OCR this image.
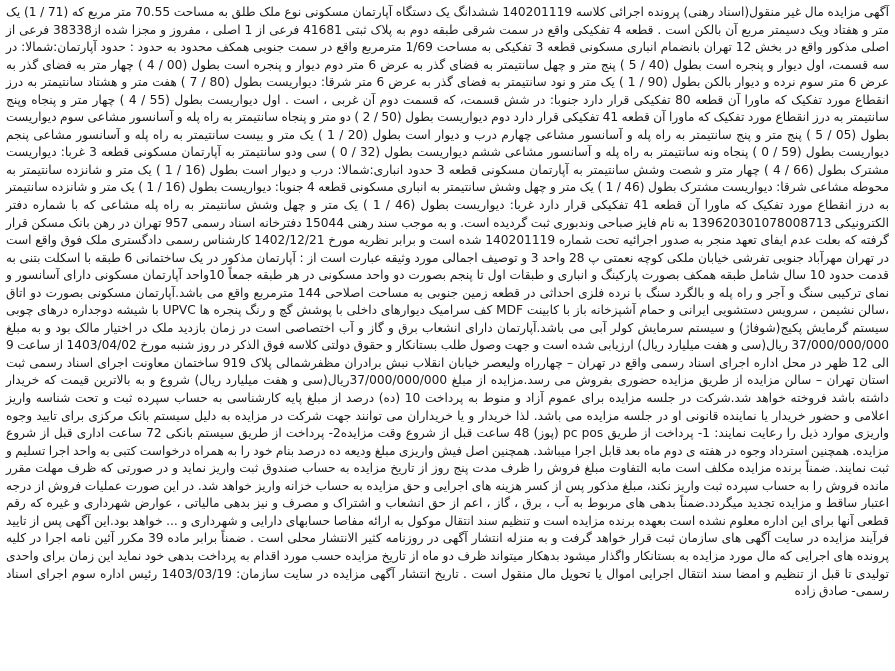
آگهی مزایده مال غیر منقول(اسناد رهنی) پرونده اجرائی کلاسه 140201119 ششدانگ یک دستگاه آپارتمان مسکونی نوع ملک طلق به مساحت 70.55 متر مربع که (71 / 1) یک متر و هفتاد ویک دسیمتر مربع آن بالکن است . قطعه 4 تفکیکی واقع در سمت شرقی طبقه دوم به پلاک ثبتی 41681 فرعی از 1 اصلی ، مفروز و مجزا شده از38338 فرعی از اصلی مذکور واقع در بخش 12 تهران بانضمام انباری مسکونی قطعه 3 تفکیکی به مساحت 1/69 مترمربع واقع در سمت جنوبی همکف محدود به حدود : حدود آپارتمان:شمالا: در سه قسمت، اول دیوار و پنجره است بطول (40 / 5 ) پنج متر و چهل سانتیمتر به فضای گذر به عرض 6 متر دوم دیوار و پنجره است بطول (00 / 4 ) چهار متر به فضای گذر به عرض 6 متر سوم نرده و دیوار بالکن بطول (90 / 1 ) یک متر و نود سانتیمتر به فضای گذر به عرض 6 متر شرقا: دیواریست بطول (80 / 7 ) هفت متر و هشتاد سانتیمتر به درز انقطاع مورد تفکیک که ماورا آن قطعه 80 تفکیکی قرار دارد جنوبا: در شش قسمت، که قسمت دوم آن غربی ، است . اول دیواریست بطول (55 / 4 ) چهار متر و پنجاه وپنج سانتیمتر به درز انقطاع مورد تفکیک که ماورا آن قطعه 41 تفکیکی قرار دارد دوم دیواریست بطول (50 / 2 ) دو متر و پنجاه سانتیمتر به راه پله و آسانسور مشاعی سوم دیواریست بطول (05 / 5 ) پنج متر و پنج سانتیمتر به راه پله و آسانسور مشاعی چهارم درب و دیوار است بطول (20 / 1 ) یک متر و بیست سانتیمتر به راه پله و آسانسور مشاعی پنجم دیواریست بطول (59 / 0 ) پنجاه ونه سانتیمتر به راه پله و آسانسور مشاعی ششم دیواریست بطول (32 / 0 ) سی ودو سانتیمتر به آپارتمان مسکونی قطعه 3 غربا: دیواریست مشترک بطول (66 / 4 ) چهار متر و شصت وشش سانتیمتر به آپارتمان مسکونی قطعه 3 حدود انباری:شمالا: درب و دیوار است بطول (16 / 1 ) یک متر و شانزده سانتیمتر به محوطه مشاعی شرقا: دیواریست مشترک بطول (46 / 1 ) یک متر و چهل وشش سانتیمتر به انباری مسکونی قطعه 4 جنوبا: دیواریست بطول (16 / 1 ) یک متر و شانزده سانتیمتر به درز انقطاع مورد تفکیک که ماورا آن قطعه 41 تفکیکی قرار دارد غربا: دیواریست بطول (46 / 1 ) یک متر و چهل وشش سانتیمتر به راه پله مشاعی که با شماره دفتر الکترونیکی 139620301078008713 به نام فایز صباحی وندبوری ثبت گردیده است. و به موجب سند رهنی 15044 دفترخانه اسناد رسمی 957 تهران در رهن بانک مسکن قرار گرفته که بعلت عدم ایفای تعهد منجر به صدور اجرائیه تحت شماره 140201119 شده است و برابر نظریه مورخ 1402/12/21 کارشناس رسمی دادگستری ملک فوق واقع است در تهران مهرآباد جنوبی تفرشی خیابان ملکی کوچه نعمتی پ 28 واحد 3 و توصیف اجمالی مورد وثیقه عبارت است از : آپارتمان مذکور در یک ساختمانی 6 طبقه با اسکلت بتنی به قدمت حدود 10 سال شامل طبقه همکف بصورت پارکینگ و انباری و طبقات اول تا پنجم بصورت دو واحد مسکونی در هر طبقه جمعاً 10واحد آپارتمان مسکونی دارای آسانسور و نمای ترکیبی سنگ و آجر و راه پله و بالگرد سنگ با نرده فلزی احداثی در قطعه زمین جنوبی به مساحت اصلاحی 144 مترمربع واقع می باشد.آپارتمان مسکونی بصورت دو اتاق ،سالن نشیمن ، سرویس دستشویی ایرانی و حمام آشپزخانه باز با کابینت MDF کف سرامیک دیوارهای داخلی با پوشش گچ و رنگ پنجره ها UPVC با شیشه دوجداره درهای چوبی سیستم گرمایش پکیج(شوفاژ) و سیستم سرمایش کولر آبی می باشد.آپارتمان دارای انشعاب برق و گاز و آب اختصاصی است در زمان بازدید ملک در اختیار مالک بود و به مبلغ 37/000/000/000 ریال(سی و هفت میلیارد ریال) ارزیابی شده است و جهت وصول طلب بستانکار و حقوق دولتی کلاسه فوق الذکر در روز شنبه مورخ 1403/04/02 از ساعت 9 الی 12 ظهر در محل اداره اجرای اسناد رسمی واقع در تهران – چهارراه ولیعصر خیابان انقلاب نبش برادران مظفرشمالی پلاک 919 ساختمان معاونت اجرای اسناد رسمی ثبت استان تهران – سالن مزایده از طریق مزایده حضوری بفروش می رسد.مزایده از مبلغ 37/000/000/000ریال(سی و هفت میلیارد ریال) شروع و به بالاترین قیمت که خریدار داشته باشد فروخته خواهد شد.شرکت در جلسه مزایده برای عموم آزاد و منوط به پرداخت 10 (ده) درصد از مبلغ پایه کارشناسی به حساب سپرده ثبت و تحت شناسه واریز اعلامی و حضور خریدار یا نماینده قانونی او در جلسه مزایده می باشد. لذا خریدار و یا خریداران می توانند جهت شرکت در مزایده به دلیل سیستم بانک مرکزی برای تایید وجوه واریزی موارد ذیل را رعایت نمایند: 1- پرداخت از طریق pc pos (پوز) 48 ساعت قبل از شروع وقت مزایده2- پرداخت از طریق سیستم بانکی 72 ساعت اداری قبل از شروع مزایده. همچنین استرداد وجوه در هفته ی دوم ماه بعد قابل اجرا میباشد. همچنین اصل فیش واریزی مبلغ ودیعه ده درصد بنام خود را به همراه درخواست کتبی به واحد اجرا تسلیم و ثبت نمایند. ضمناً برنده مزایده مکلف است مابه التفاوت مبلغ فروش را ظرف مدت پنج روز از تاریخ مزایده به حساب صندوق ثبت واریز نماید و در صورتی که ظرف مهلت مقرر مانده فروش را به حساب سپرده ثبت واریز نکند، مبلغ مذکور پس از کسر هزینه های اجرایی و حق مزایده به حساب خزانه واریز خواهد شد. در این صورت عملیات فروش از درجه اعتبار ساقط و مزایده تجدید میگردد.ضمناً بدهی های مربوط به آب ، برق ، گاز ، اعم از حق انشعاب و اشتراک و مصرف و نیز بدهی مالیاتی ، عوارض شهرداری و غیره که رقم قطعی آنها برای این اداره معلوم نشده است بعهده برنده مزایده است و تنظیم سند انتقال موکول به ارائه مفاصا حسابهای دارایی و شهرداری و ... خواهد بود.این آگهی پس از تایید فرآیند مزایده در سایت آگهی های سازمان ثبت قرار خواهد گرفت و به منزله انتشار آگهی در روزنامه کثیر الانتشار محلی است . ضمناً برابر ماده 39 مکرر آئین نامه اجرا در کلیه پرونده های اجرایی که مال مورد مزایده به بستانکار واگذار میشود بدهکار میتواند ظرف دو ماه از تاریخ مزایده حسب مورد اقدام به پرداخت بدهی خود نماید این زمان برای واحدی تولیدی تا قبل از تنظیم و امضا سند انتقال اجرایی اموال یا تحویل مال منقول است . تاریخ انتشار آگهی مزایده در سایت سازمان: 1403/03/19 رئیس اداره سوم اجرای اسناد رسمی- صادق زاده
